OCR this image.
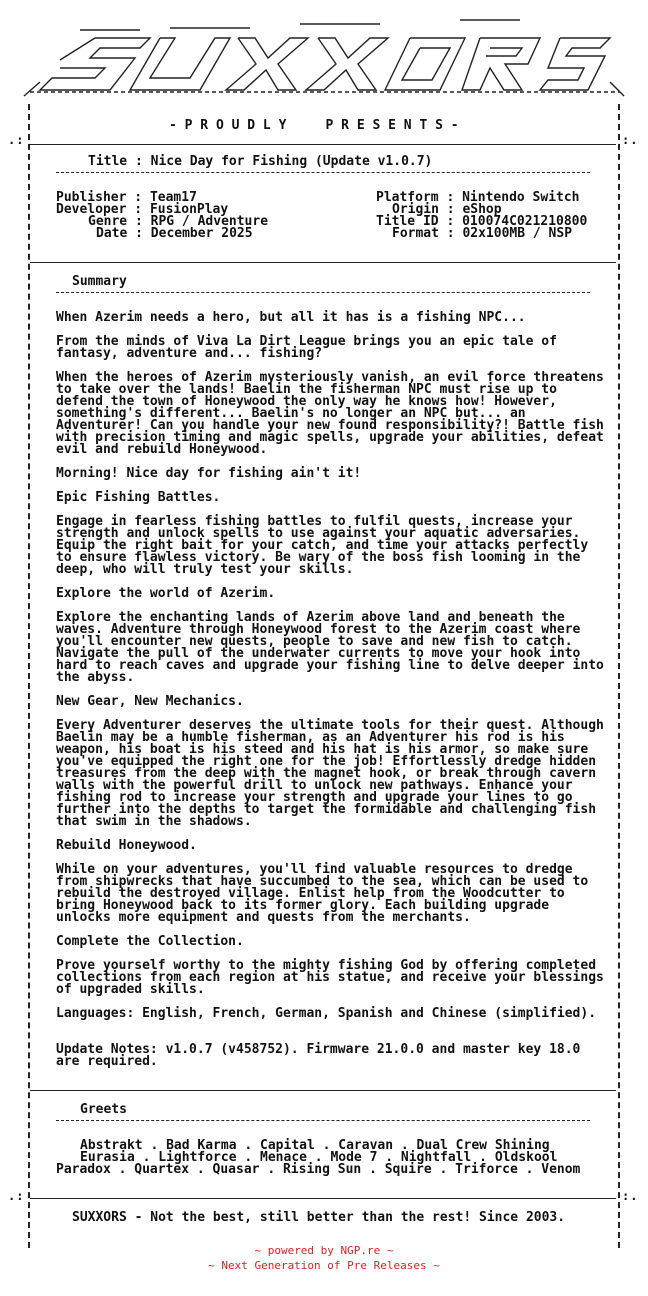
.:	:.
.:	:.
- P R O U D L Y     P R E S E N T S -
Title : Nice Day for Fishing (Update v1.0.7)
Publisher : Team17
Developer : FusionPlay
Genre : RPG / Adventure
Date : December 2025
Platform : Nintendo Switch
Origin : eShop
Title ID : 010074C021210800
Format : 02x100MB / NSP
Summary
When Azerim needs a hero, but all it has is a fishing NPC...
From the minds of Viva La Dirt League brings you an epic tale of fantasy, adventure and... fishing?
When the heroes of Azerim mysteriously vanish, an evil force threatens to take over the lands! Baelin the fisherman NPC must rise up to defend the town of Honeywood the only way he knows how! However, something's different... Baelin's no longer an NPC but... an Adventurer! Can you handle your new found responsibility?! Battle fish with precision timing and magic spells, upgrade your abilities, defeat evil and rebuild Honeywood.
Morning! Nice day for fishing ain't it!
Epic Fishing Battles.
Engage in fearless fishing battles to fulfil quests, increase your strength and unlock spells to use against your aquatic adversaries. Equip the right bait for your catch, and time your attacks perfectly to ensure flawless victory. Be wary of the boss fish looming in the deep, who will truly test your skills.
Explore the world of Azerim.
Explore the enchanting lands of Azerim above land and beneath the waves. Adventure through Honeywood forest to the Azerim coast where you'll encounter new quests, people to save and new fish to catch. Navigate the pull of the underwater currents to move your hook into hard to reach caves and upgrade your fishing line to delve deeper into the abyss.
New Gear, New Mechanics.
Every Adventurer deserves the ultimate tools for their quest. Although Baelin may be a humble fisherman, as an Adventurer his rod is his weapon, his boat is his steed and his hat is his armor, so make sure you've equipped the right one for the job! Effortlessly dredge hidden treasures from the deep with the magnet hook, or break through cavern walls with the powerful drill to unlock new pathways. Enhance your fishing rod to increase your strength and upgrade your lines to go further into the depths to target the formidable and challenging fish that swim in the shadows.
Rebuild Honeywood.
While on your adventures, you'll find valuable resources to dredge from shipwrecks that have succumbed to the sea, which can be used to rebuild the destroyed village. Enlist help from the Woodcutter to bring Honeywood back to its former glory. Each building upgrade unlocks more equipment and quests from the merchants.
Complete the Collection.
Prove yourself worthy to the mighty fishing God by offering completed collections from each region at his statue, and receive your blessings of upgraded skills.
Languages: English, French, German, Spanish and Chinese (simplified).
Update Notes: v1.0.7 (v458752). Firmware 21.0.0 and master key 18.0 are required.
Greets
Abstrakt . Bad Karma . Capital . Caravan . Dual Crew Shining
Eurasia . Lightforce . Menace . Mode 7 . Nightfall . Oldskool
Paradox . Quartex . Quasar . Rising Sun . Squire . Triforce . Venom
SUXXORS - Not the best, still better than the rest! Since 2003.
~ powered by NGP.re ~
~ Next Generation of Pre Releases ~
